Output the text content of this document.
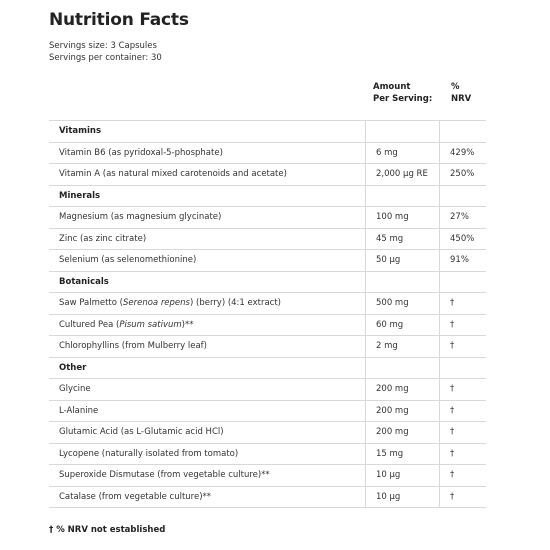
Nutrition Facts
Servings size: 3 Capsules
Servings per container: 30
Amount
Per Serving:
%
NRV
Vitamins		
Vitamin B6 (as pyridoxal-5-phosphate)	6 mg	429%
Vitamin A (as natural mixed carotenoids and acetate)	2,000 µg RE	250%
Minerals		
Magnesium (as magnesium glycinate)	100 mg	27%
Zinc (as zinc citrate)	45 mg	450%
Selenium (as selenomethionine)	50 µg	91%
Botanicals		
Saw Palmetto (Serenoa repens) (berry) (4:1 extract)	500 mg	†
Cultured Pea (Pisum sativum)**	60 mg	†
Chlorophyllins (from Mulberry leaf)	2 mg	†
Other		
Glycine	200 mg	†
L-Alanine	200 mg	†
Glutamic Acid (as L-Glutamic acid HCl)	200 mg	†
Lycopene (naturally isolated from tomato)	15 mg	†
Superoxide Dismutase (from vegetable culture)**	10 µg	†
Catalase (from vegetable culture)**	10 µg	†
† % NRV not established
